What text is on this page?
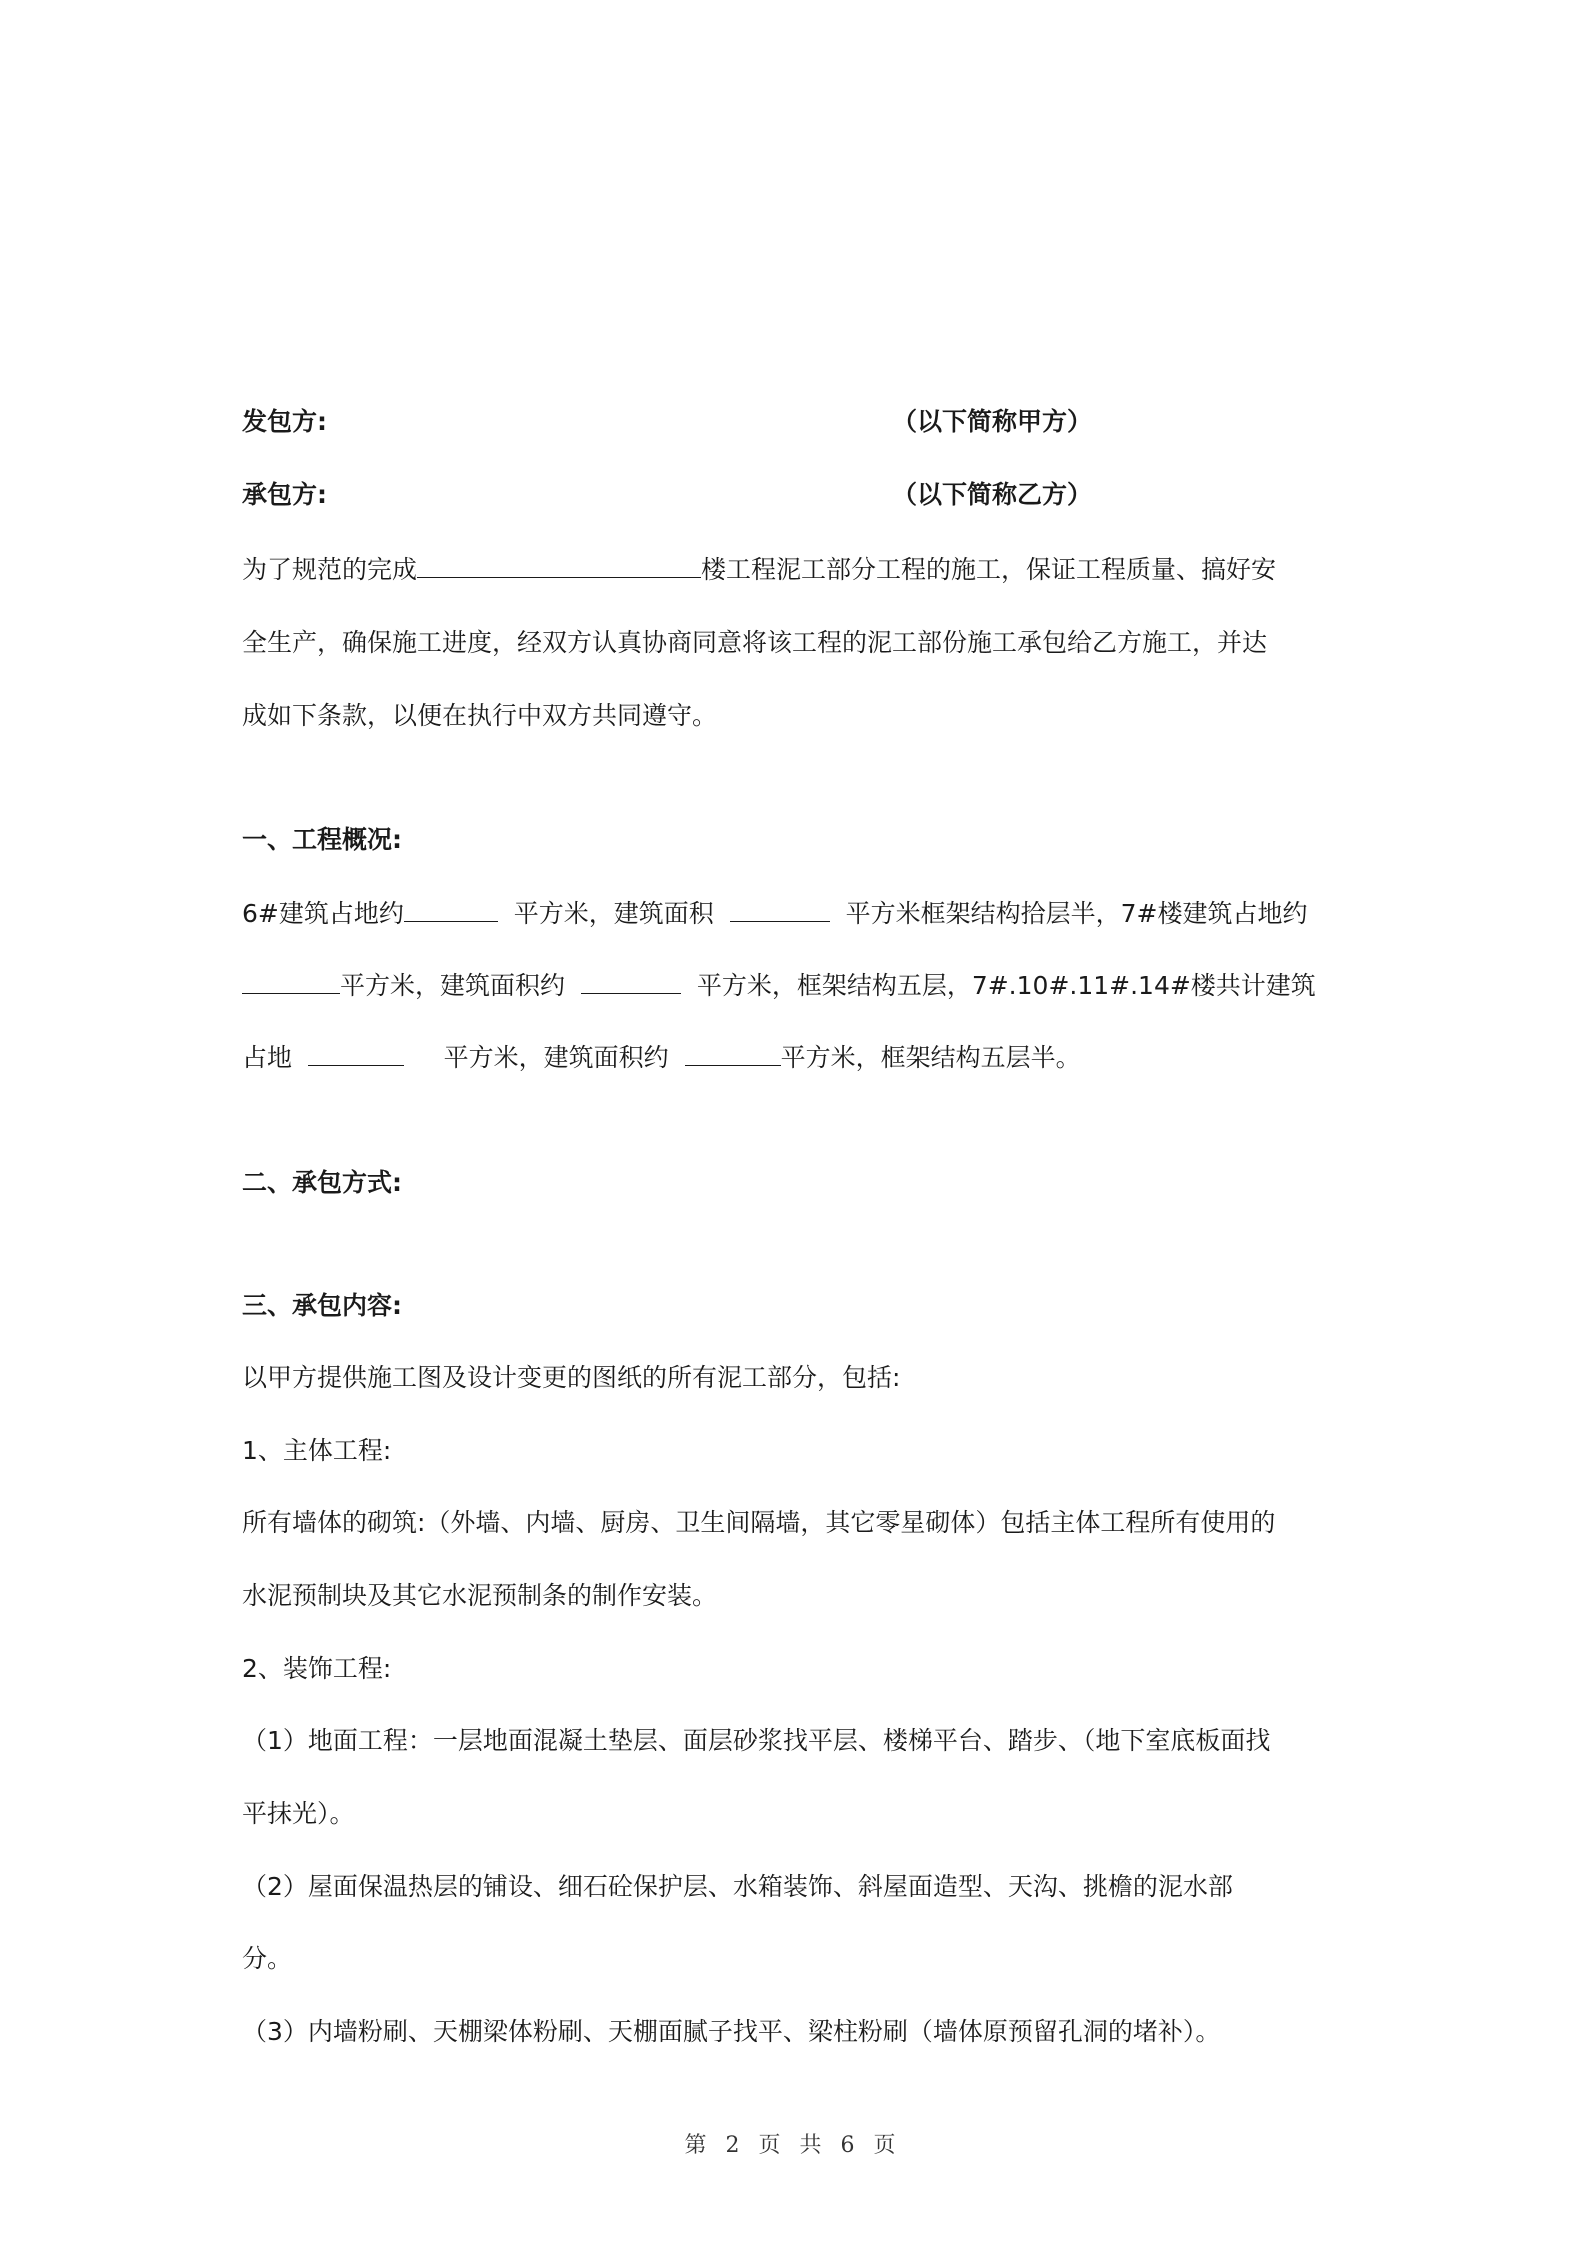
发包方:	（以下简称甲方）
承包方:	（以下简称乙方）
为了规范的完成	楼工程泥工部分工程的施工，保证工程质量、搞好安
全生产，确保施工进度，经双方认真协商同意将该工程的泥工部份施工承包给乙方施工，并达
成如下条款，以便在执行中双方共同遵守。
一、工程概况:
6#建筑占地约	平方米，建筑面积	平方米框架结构拾层半，7#楼建筑占地约
平方米，建筑面积约	平方米，框架结构五层，7#.10#.11#.14#楼共计建筑
占地	平方米，建筑面积约	平方米，框架结构五层半。
二、承包方式:
三、承包内容:
以甲方提供施工图及设计变更的图纸的所有泥工部分，包括:
1、主体工程:
所有墙体的砌筑:（外墙、内墙、厨房、卫生间隔墙，其它零星砌体）包括主体工程所有使用的
水泥预制块及其它水泥预制条的制作安装。
2、装饰工程:
（1）地面工程：一层地面混凝土垫层、面层砂浆找平层、楼梯平台、踏步、（地下室底板面找
平抹光）。
（2）屋面保温热层的铺设、细石砼保护层、水箱装饰、斜屋面造型、天沟、挑檐的泥水部
分。
（3）内墙粉刷、天棚梁体粉刷、天棚面腻子找平、梁柱粉刷（墙体原预留孔洞的堵补）。
第 2 页 共 6 页
